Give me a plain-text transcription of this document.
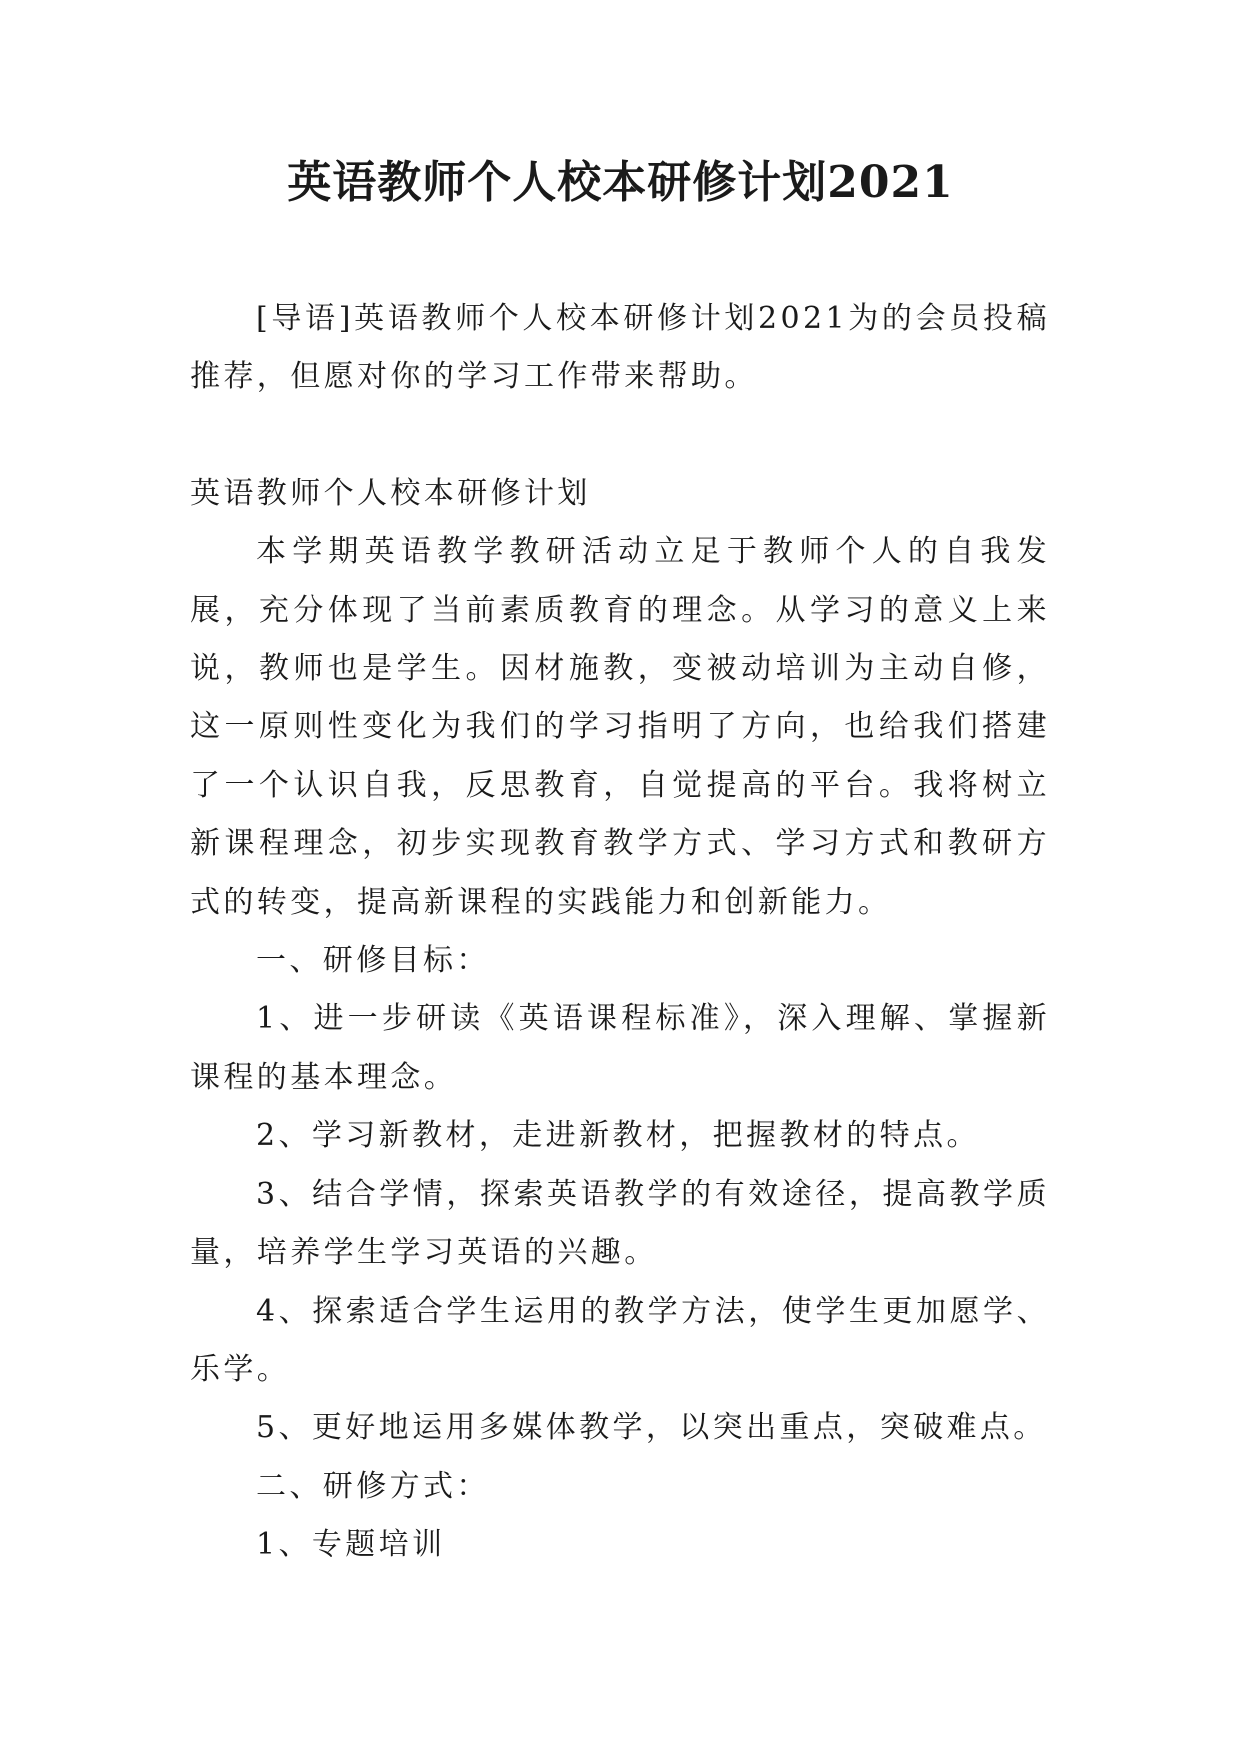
英语教师个人校本研修计划2021

[导语]英语教师个人校本研修计划2021为的会员投稿推荐，但愿对你的学习工作带来帮助。

英语教师个人校本研修计划

本学期英语教学教研活动立足于教师个人的自我发展，充分体现了当前素质教育的理念。从学习的意义上来说，教师也是学生。因材施教，变被动培训为主动自修，这一原则性变化为我们的学习指明了方向，也给我们搭建了一个认识自我，反思教育，自觉提高的平台。我将树立新课程理念，初步实现教育教学方式、学习方式和教研方式的转变，提高新课程的实践能力和创新能力。

一、研修目标：

1、进一步研读《英语课程标准》，深入理解、掌握新课程的基本理念。

2、学习新教材，走进新教材，把握教材的特点。

3、结合学情，探索英语教学的有效途径，提高教学质量，培养学生学习英语的兴趣。

4、探索适合学生运用的教学方法，使学生更加愿学、乐学。

5、更好地运用多媒体教学，以突出重点，突破难点。

二、研修方式：

1、专题培训
